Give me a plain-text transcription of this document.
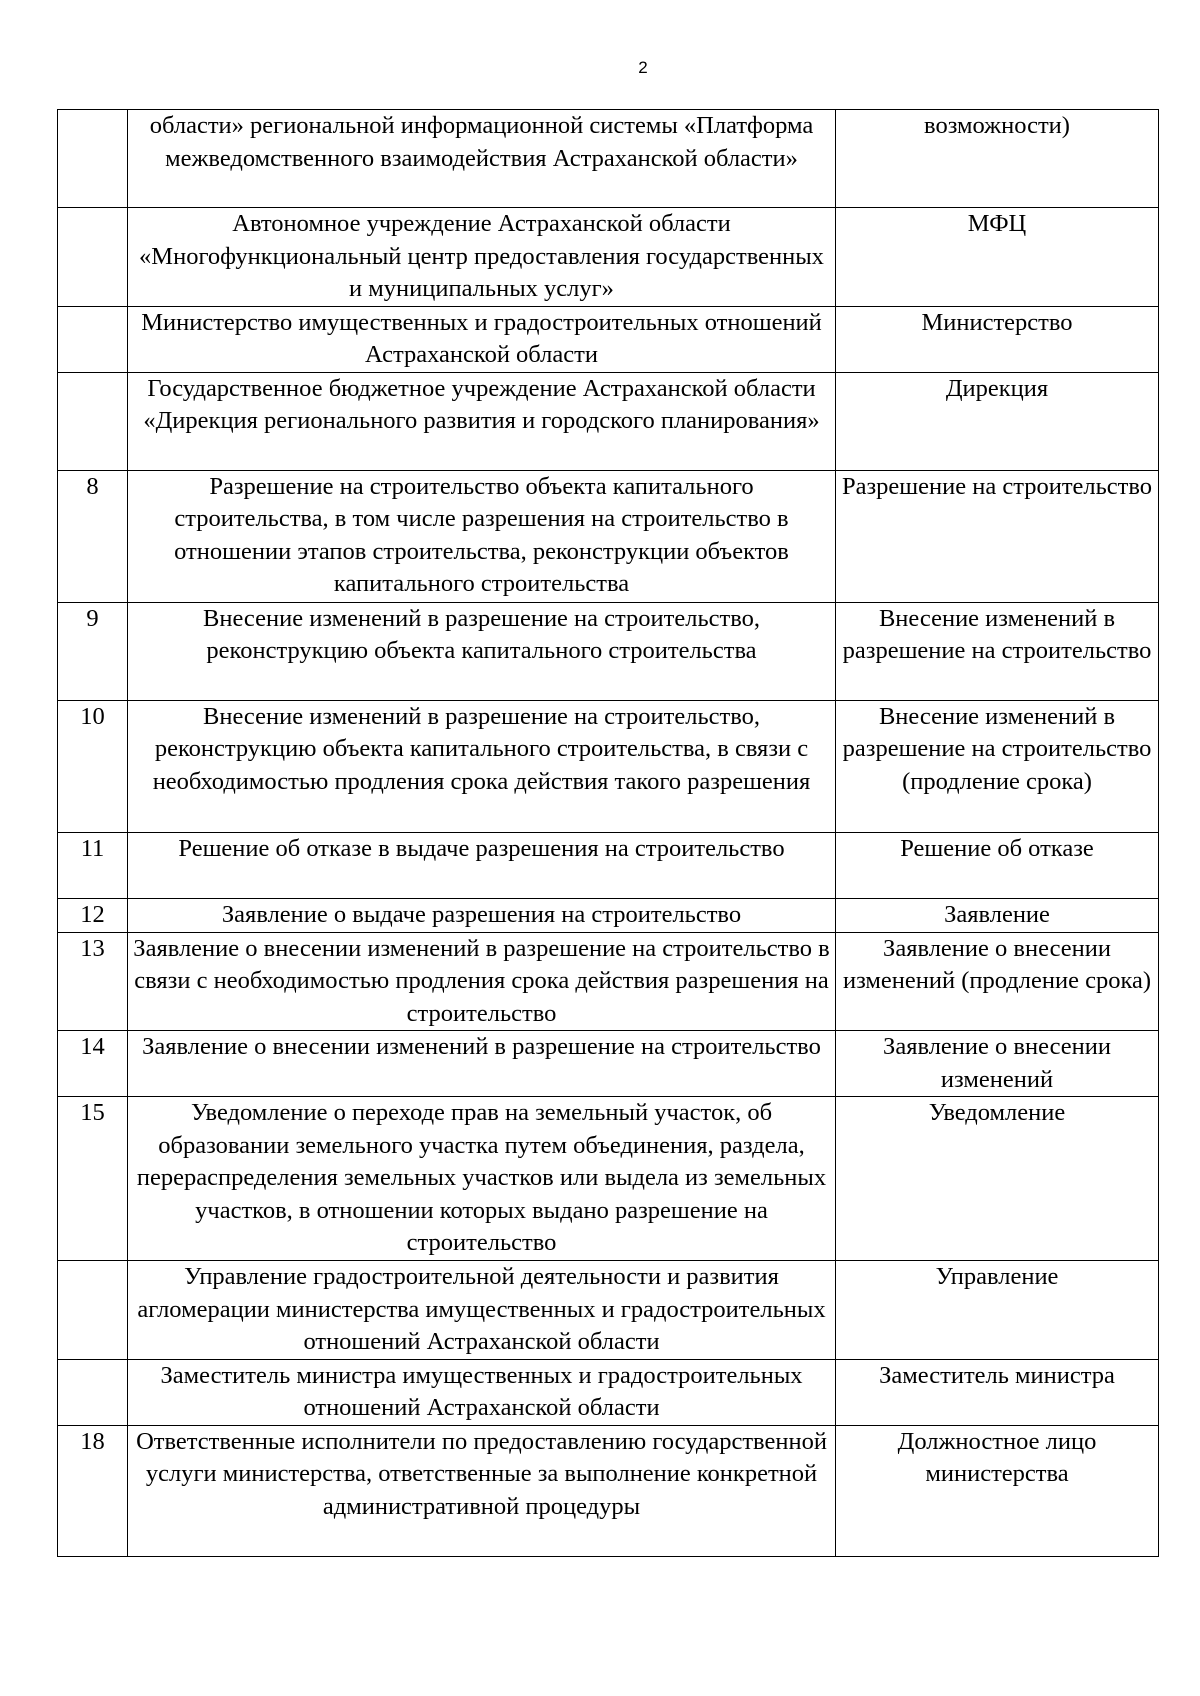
2
	области» региональной информационной системы «Платформа межведомственного взаимодействия Астраханской области»	возможности)
	Автономное учреждение Астраханской области «Многофункциональный центр предоставления государственных и муниципальных услуг»	МФЦ
	Министерство имущественных и градостроительных отношений Астраханской области	Министерство
	Государственное бюджетное учреждение Астраханской области «Дирекция регионального развития и городского планирования»	Дирекция
8	Разрешение на строительство объекта капитального строительства, в том числе разрешения на строительство в отношении этапов строительства, реконструкции объектов капитального строительства	Разрешение на строительство
9	Внесение изменений в разрешение на строительство, реконструкцию объекта капитального строительства	Внесение изменений в разрешение на строительство
10	Внесение изменений в разрешение на строительство, реконструкцию объекта капитального строительства, в связи с необходимостью продления срока действия такого разрешения	Внесение изменений в разрешение на строительство (продление срока)
11	Решение об отказе в выдаче разрешения на строительство	Решение об отказе
12	Заявление о выдаче разрешения на строительство	Заявление
13	Заявление о внесении изменений в разрешение на строительство в связи с необходимостью продления срока действия разрешения на строительство	Заявление о внесении изменений (продление срока)
14	Заявление о внесении изменений в разрешение на строительство	Заявление о внесении изменений
15	Уведомление о переходе прав на земельный участок, об образовании земельного участка путем объединения, раздела, перераспределения земельных участков или выдела из земельных участков, в отношении которых выдано разрешение на строительство	Уведомление
	Управление градостроительной деятельности и развития агломерации министерства имущественных и градостроительных отношений Астраханской области	Управление
	Заместитель министра имущественных и градостроительных отношений Астраханской области	Заместитель министра
18	Ответственные исполнители по предоставлению государственной услуги министерства, ответственные за выполнение конкретной административной процедуры	Должностное лицо министерства
